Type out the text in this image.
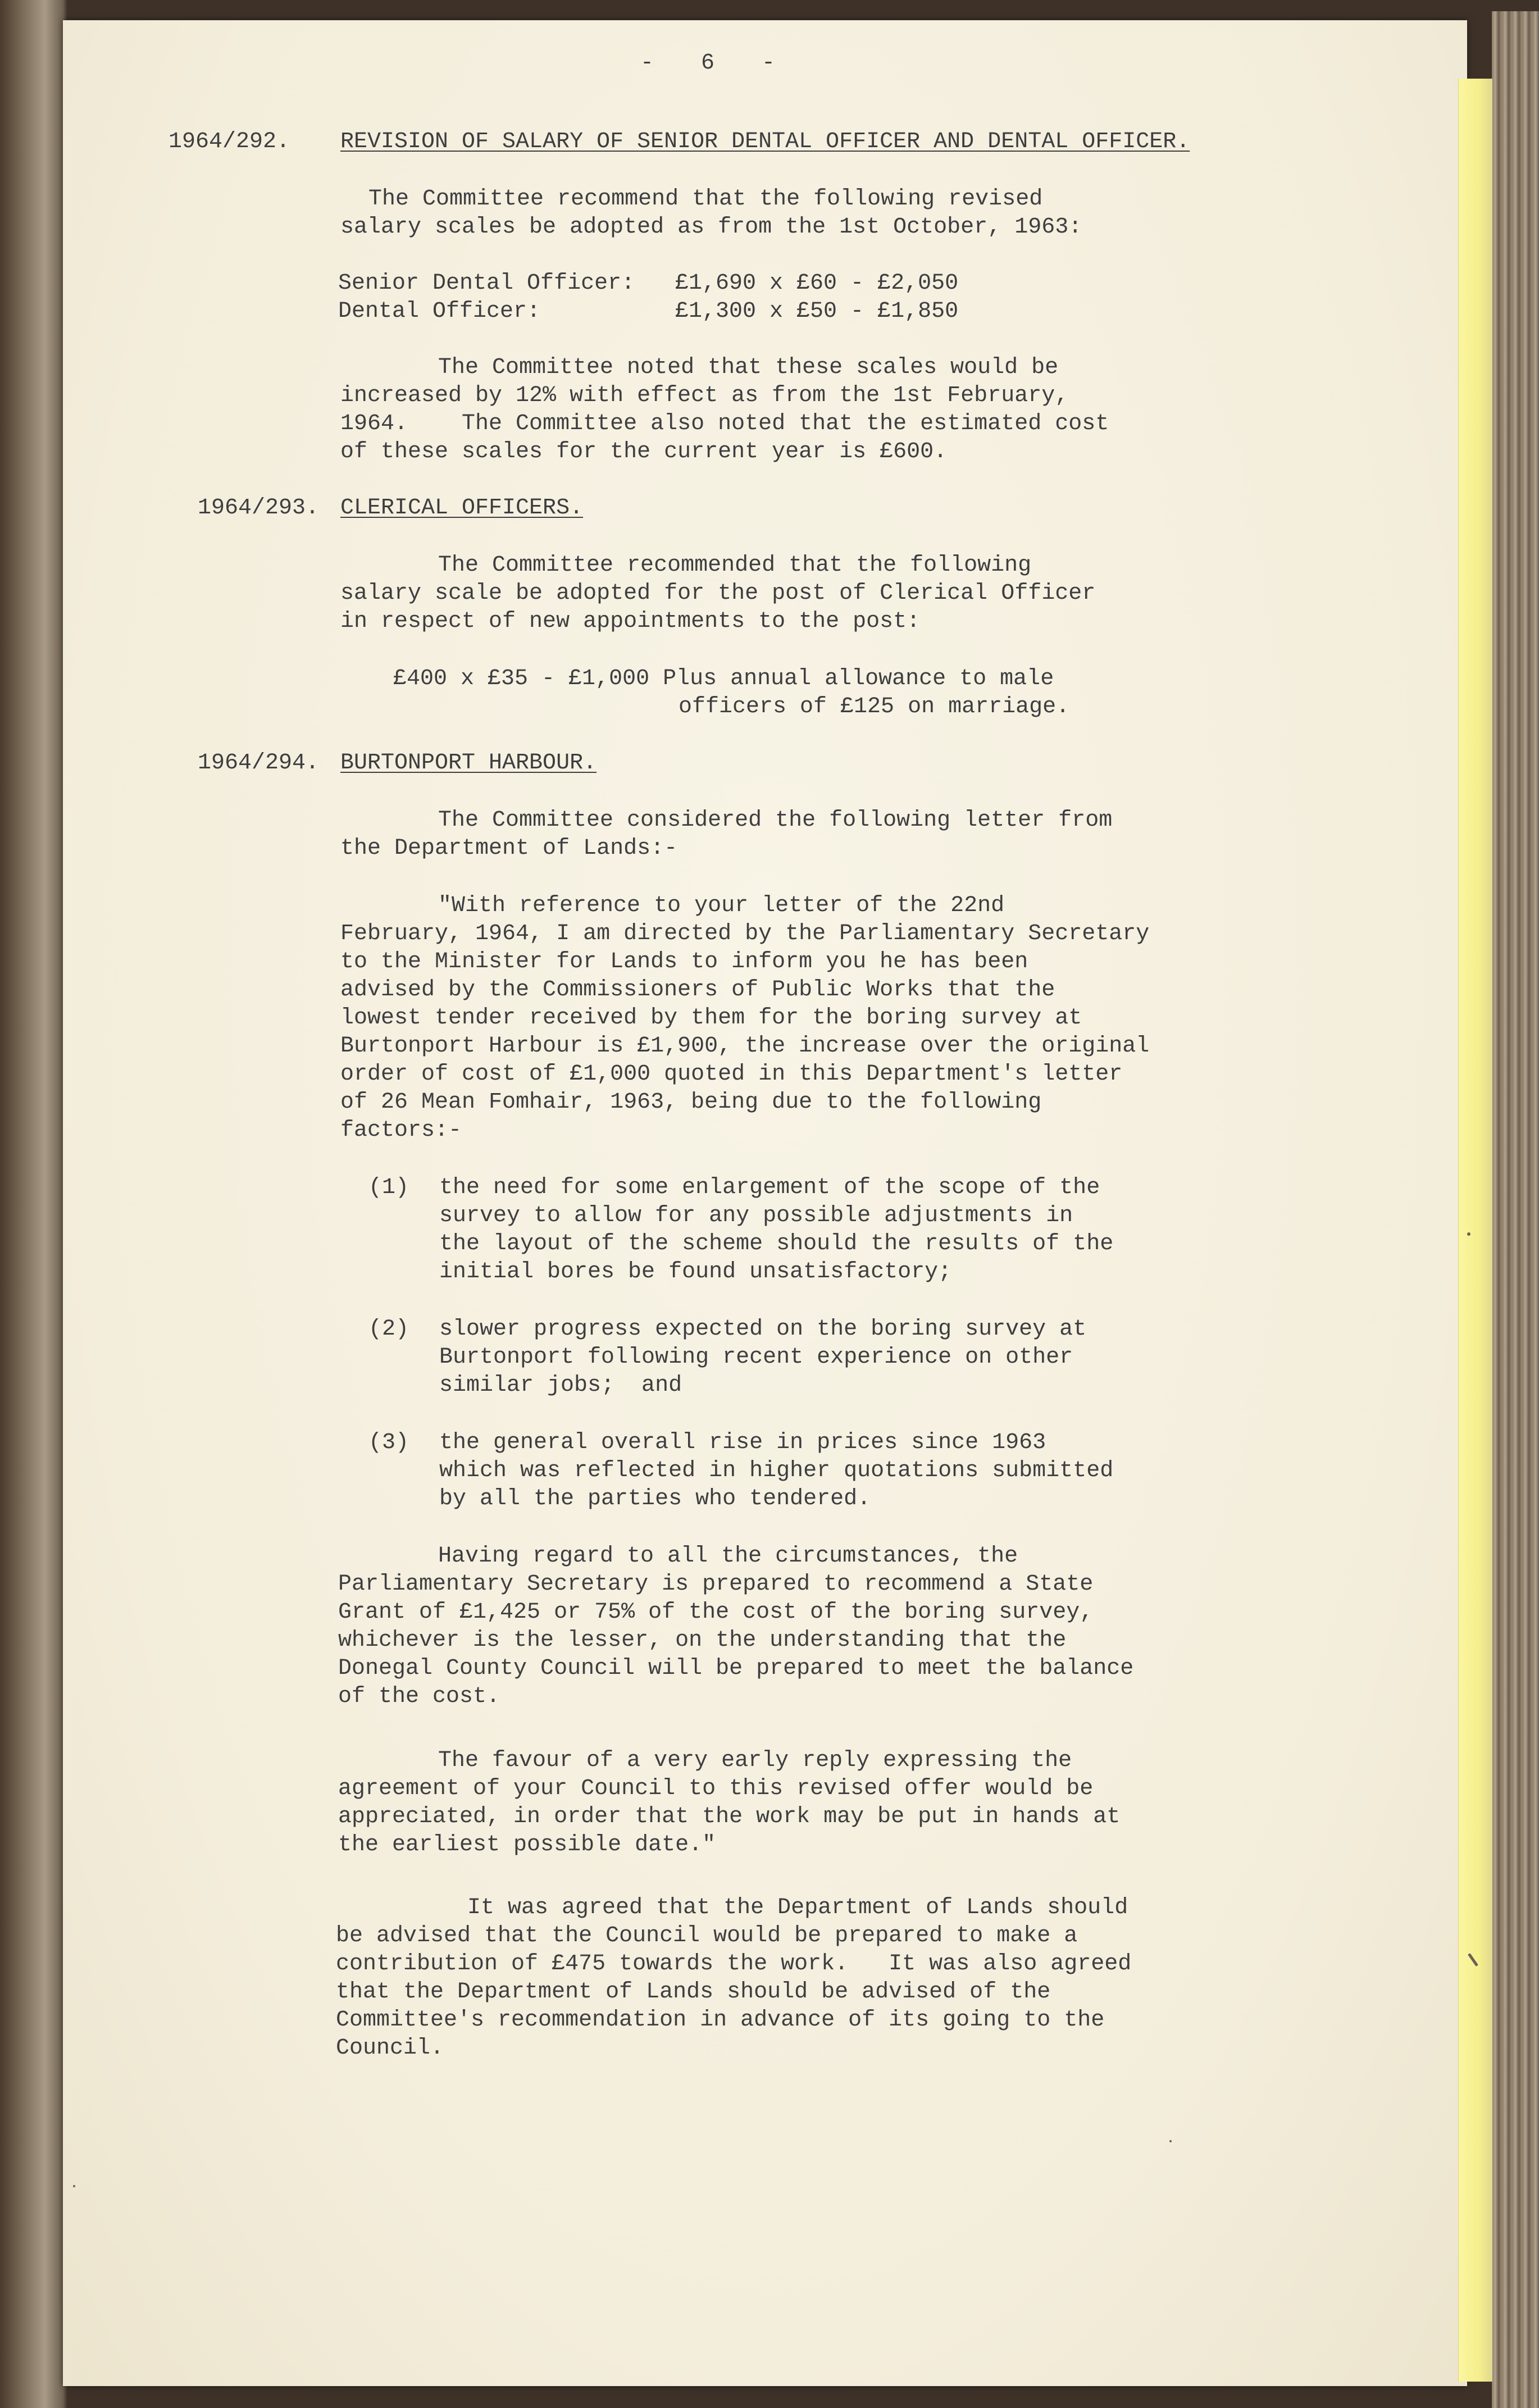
- 6 -
1964/292. REVISION OF SALARY OF SENIOR DENTAL OFFICER AND DENTAL OFFICER.
The Committee recommend that the following revised
salary scales be adopted as from the 1st October, 1963:
Senior Dental Officer: £1,690 x £60 - £2,050
Dental Officer:	£1,300 x £50 - £1,850
The Committee noted that these scales would be
increased by 12% with effect as from the 1st February,
1964.    The Committee also noted that the estimated cost
of these scales for the current year is £600.
1964/293. CLERICAL OFFICERS.
The Committee recommended that the following
salary scale be adopted for the post of Clerical Officer
in respect of new appointments to the post:
£400 x £35 - £1,000 Plus annual allowance to male
officers of £125 on marriage.
1964/294. BURTONPORT HARBOUR.
The Committee considered the following letter from
the Department of Lands:-
"With reference to your letter of the 22nd
February, 1964, I am directed by the Parliamentary Secretary
to the Minister for Lands to inform you he has been
advised by the Commissioners of Public Works that the
lowest tender received by them for the boring survey at
Burtonport Harbour is £1,900, the increase over the original
order of cost of £1,000 quoted in this Department's letter
of 26 Mean Fomhair, 1963, being due to the following
factors:-
(1) the need for some enlargement of the scope of the
survey to allow for any possible adjustments in
the layout of the scheme should the results of the
initial bores be found unsatisfactory;
(2) slower progress expected on the boring survey at
Burtonport following recent experience on other
similar jobs;  and
(3) the general overall rise in prices since 1963
which was reflected in higher quotations submitted
by all the parties who tendered.
Having regard to all the circumstances, the
Parliamentary Secretary is prepared to recommend a State
Grant of £1,425 or 75% of the cost of the boring survey,
whichever is the lesser, on the understanding that the
Donegal County Council will be prepared to meet the balance
of the cost.
The favour of a very early reply expressing the
agreement of your Council to this revised offer would be
appreciated, in order that the work may be put in hands at
the earliest possible date."
It was agreed that the Department of Lands should
be advised that the Council would be prepared to make a
contribution of £475 towards the work.   It was also agreed
that the Department of Lands should be advised of the
Committee's recommendation in advance of its going to the
Council.
